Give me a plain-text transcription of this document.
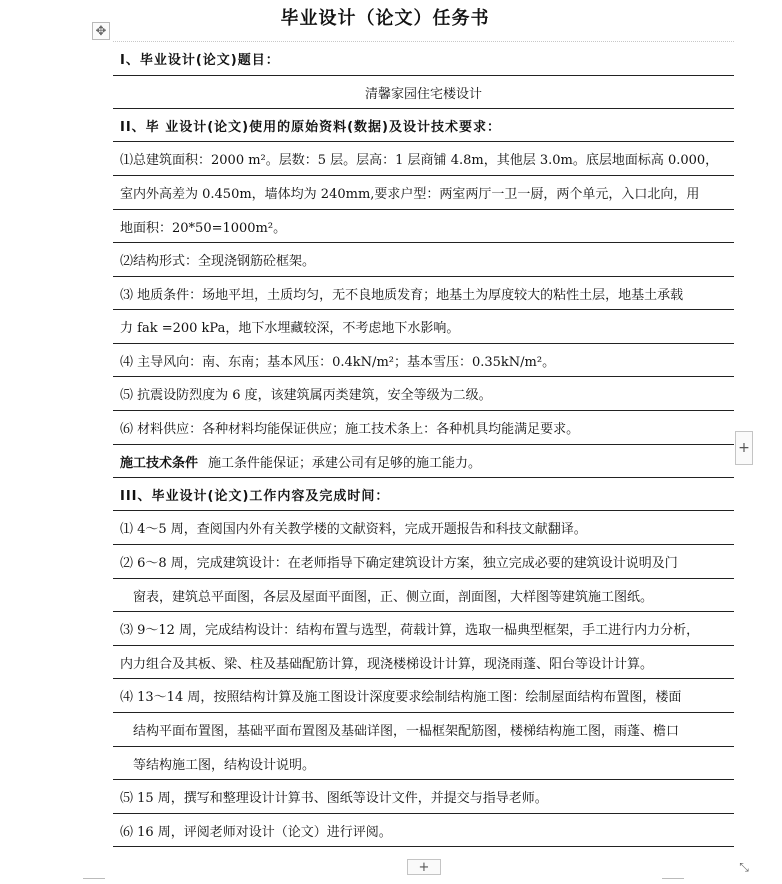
毕业设计（论文）任务书
✥
I、毕业设计(论文)题目：
清馨家园住宅楼设计
II、毕 业设计(论文)使用的原始资料(数据)及设计技术要求：
⑴总建筑面积：2000 m²。层数：5 层。层高：1 层商铺 4.8m，其他层 3.0m。底层地面标高 0.000，
室内外高差为 0.450m，墙体均为 240mm,要求户型：两室两厅一卫一厨，两个单元，入口北向，用
地面积：20*50=1000m²。
⑵结构形式：全现浇钢筋砼框架。
⑶ 地质条件：场地平坦，土质均匀，无不良地质发育；地基土为厚度较大的粘性土层，地基土承载
力 fak =200 kPa，地下水埋藏较深，不考虑地下水影响。
⑷ 主导风向：南、东南；基本风压：0.4kN/m²；基本雪压：0.35kN/m²。
⑸ 抗震设防烈度为 6 度，该建筑属丙类建筑，安全等级为二级。
⑹ 材料供应：各种材料均能保证供应；施工技术条上：各种机具均能满足要求。
施工技术条件 施工条件能保证；承建公司有足够的施工能力。
III、毕业设计(论文)工作内容及完成时间：
⑴ 4～5 周，查阅国内外有关教学楼的文献资料，完成开题报告和科技文献翻译。
⑵ 6～8 周，完成建筑设计：在老师指导下确定建筑设计方案，独立完成必要的建筑设计说明及门
窗表，建筑总平面图，各层及屋面平面图，正、侧立面，剖面图，大样图等建筑施工图纸。
⑶ 9～12 周，完成结构设计：结构布置与选型，荷载计算，选取一榀典型框架，手工进行内力分析，
内力组合及其板、梁、柱及基础配筋计算，现浇楼梯设计计算，现浇雨蓬、阳台等设计计算。
⑷ 13～14 周，按照结构计算及施工图设计深度要求绘制结构施工图：绘制屋面结构布置图，楼面
结构平面布置图，基础平面布置图及基础详图，一榀框架配筋图，楼梯结构施工图，雨蓬、檐口
等结构施工图，结构设计说明。
⑸ 15 周，撰写和整理设计计算书、图纸等设计文件，并提交与指导老师。
⑹ 16 周，评阅老师对设计（论文）进行评阅。
+
+	⤡
